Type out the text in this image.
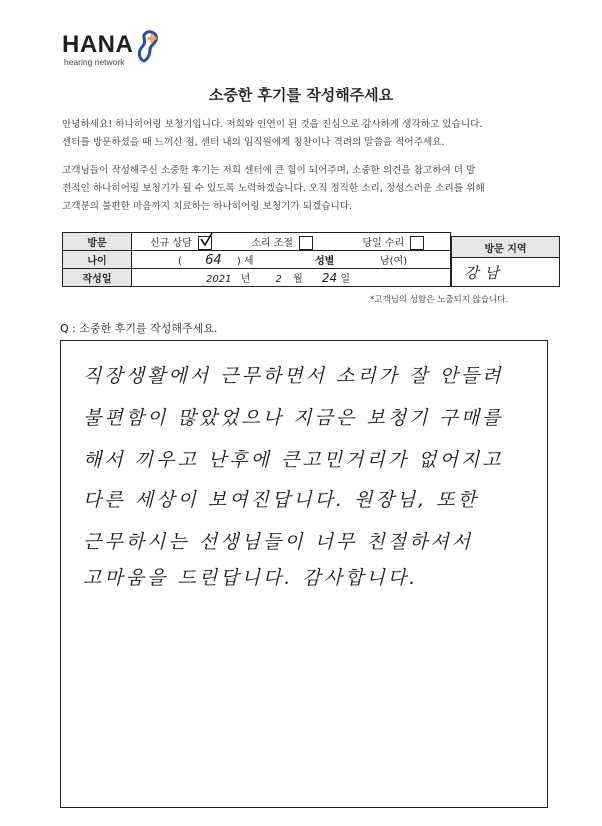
HANA
hearing network
소중한 후기를 작성해주세요
안녕하세요! 하나히어링 보청기입니다. 저희와 인연이 된 것을 진심으로 감사하게 생각하고 있습니다.
센터를 방문하셨을 때 느끼신 점, 센터 내의 임직원에게 칭찬이나 격려의 말씀을 적어주세요.
고객님들이 작성해주신 소중한 후기는 저희 센터에 큰 힘이 되어주며, 소중한 의견을 참고하여 더 발
전적인 하나히어링 보청기가 될 수 있도록 노력하겠습니다. 오직 정직한 소리, 정성스러운 소리를 위해
고객분의 불편한 마음까지 치료하는 하나히어링 보청기가 되겠습니다.
방문	신규 상담 소리 조절 당일 수리
나이	( 64 ) 세 성별 남(여)

작성일	2021 년 2 월 24 일
방문 지역
강남
*고객님의 성함은 노출되지 않습니다.
Q : 소중한 후기를 작성해주세요.
직장생활에서 근무하면서 소리가 잘 안들려
불편함이 많았었으나 지금은 보청기 구매를
해서 끼우고 난후에 큰고민거리가 없어지고
다른 세상이 보여진답니다. 원장님, 또한
근무하시는 선생님들이 너무 친절하셔서
고마움을 드린답니다. 감사합니다.
